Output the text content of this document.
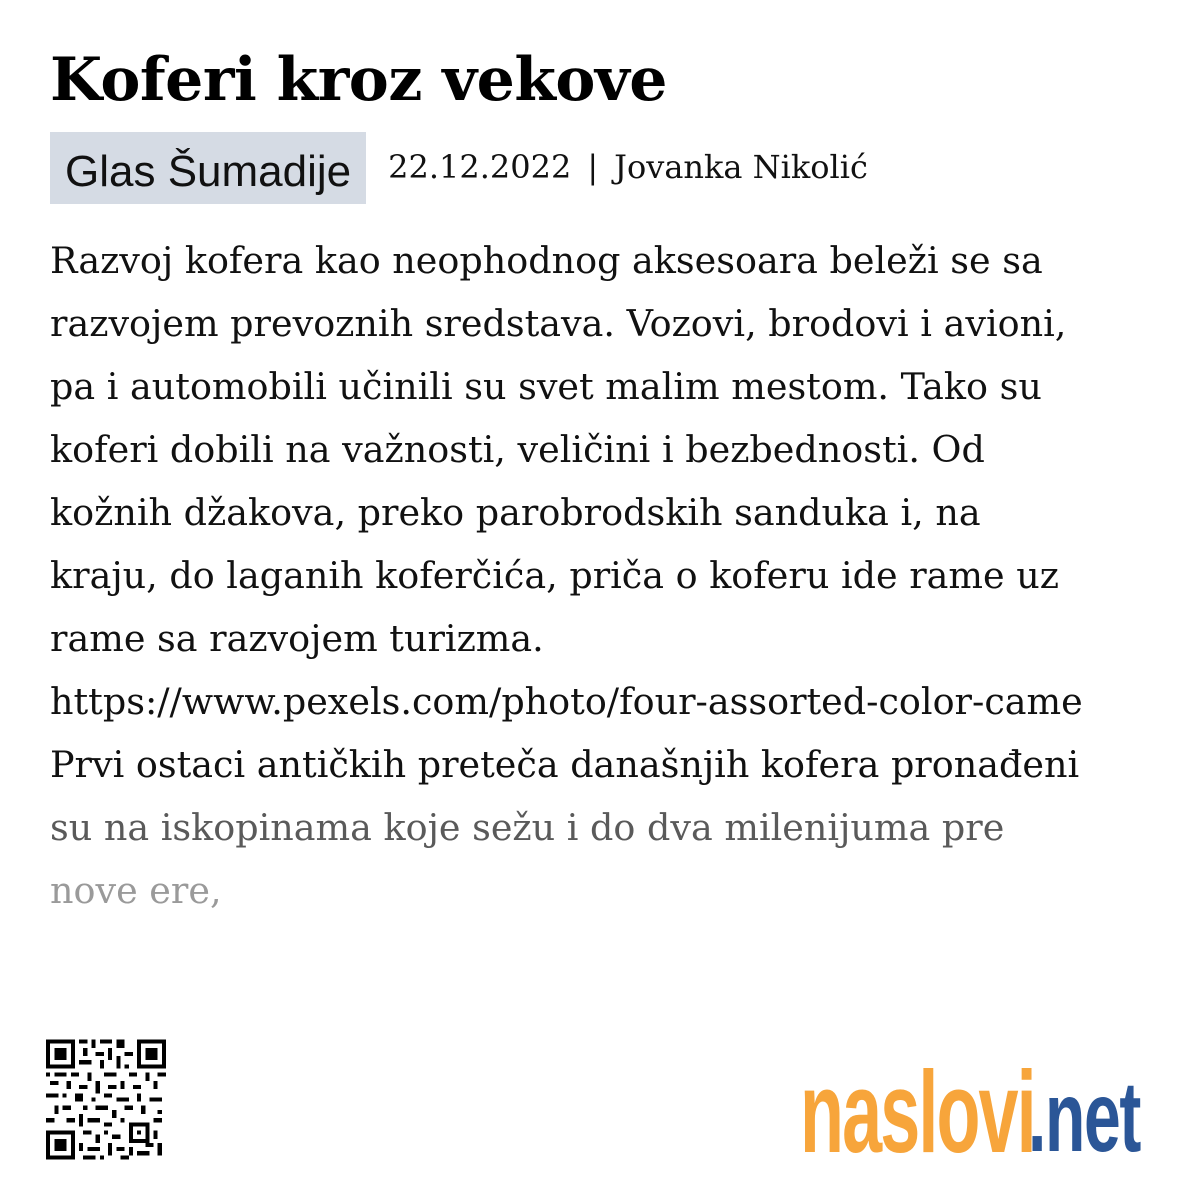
Koferi kroz vekove
Glas Šumadije	22.12.2022 | Jovanka Nikolić
Razvoj kofera kao neophodnog aksesoara beleži se sa
razvojem prevoznih sredstava. Vozovi, brodovi i avioni,
pa i automobili učinili su svet malim mestom. Tako su
koferi dobili na važnosti, veličini i bezbednosti. Od
kožnih džakova, preko parobrodskih sanduka i, na
kraju, do laganih koferčića, priča o koferu ide rame uz
rame sa razvojem turizma.
https://www.pexels.com/photo/four-assorted-color-came
Prvi ostaci antičkih preteča današnjih kofera pronađeni
su na iskopinama koje sežu i do dva milenijuma pre
nove ere,
naslovi
.net
